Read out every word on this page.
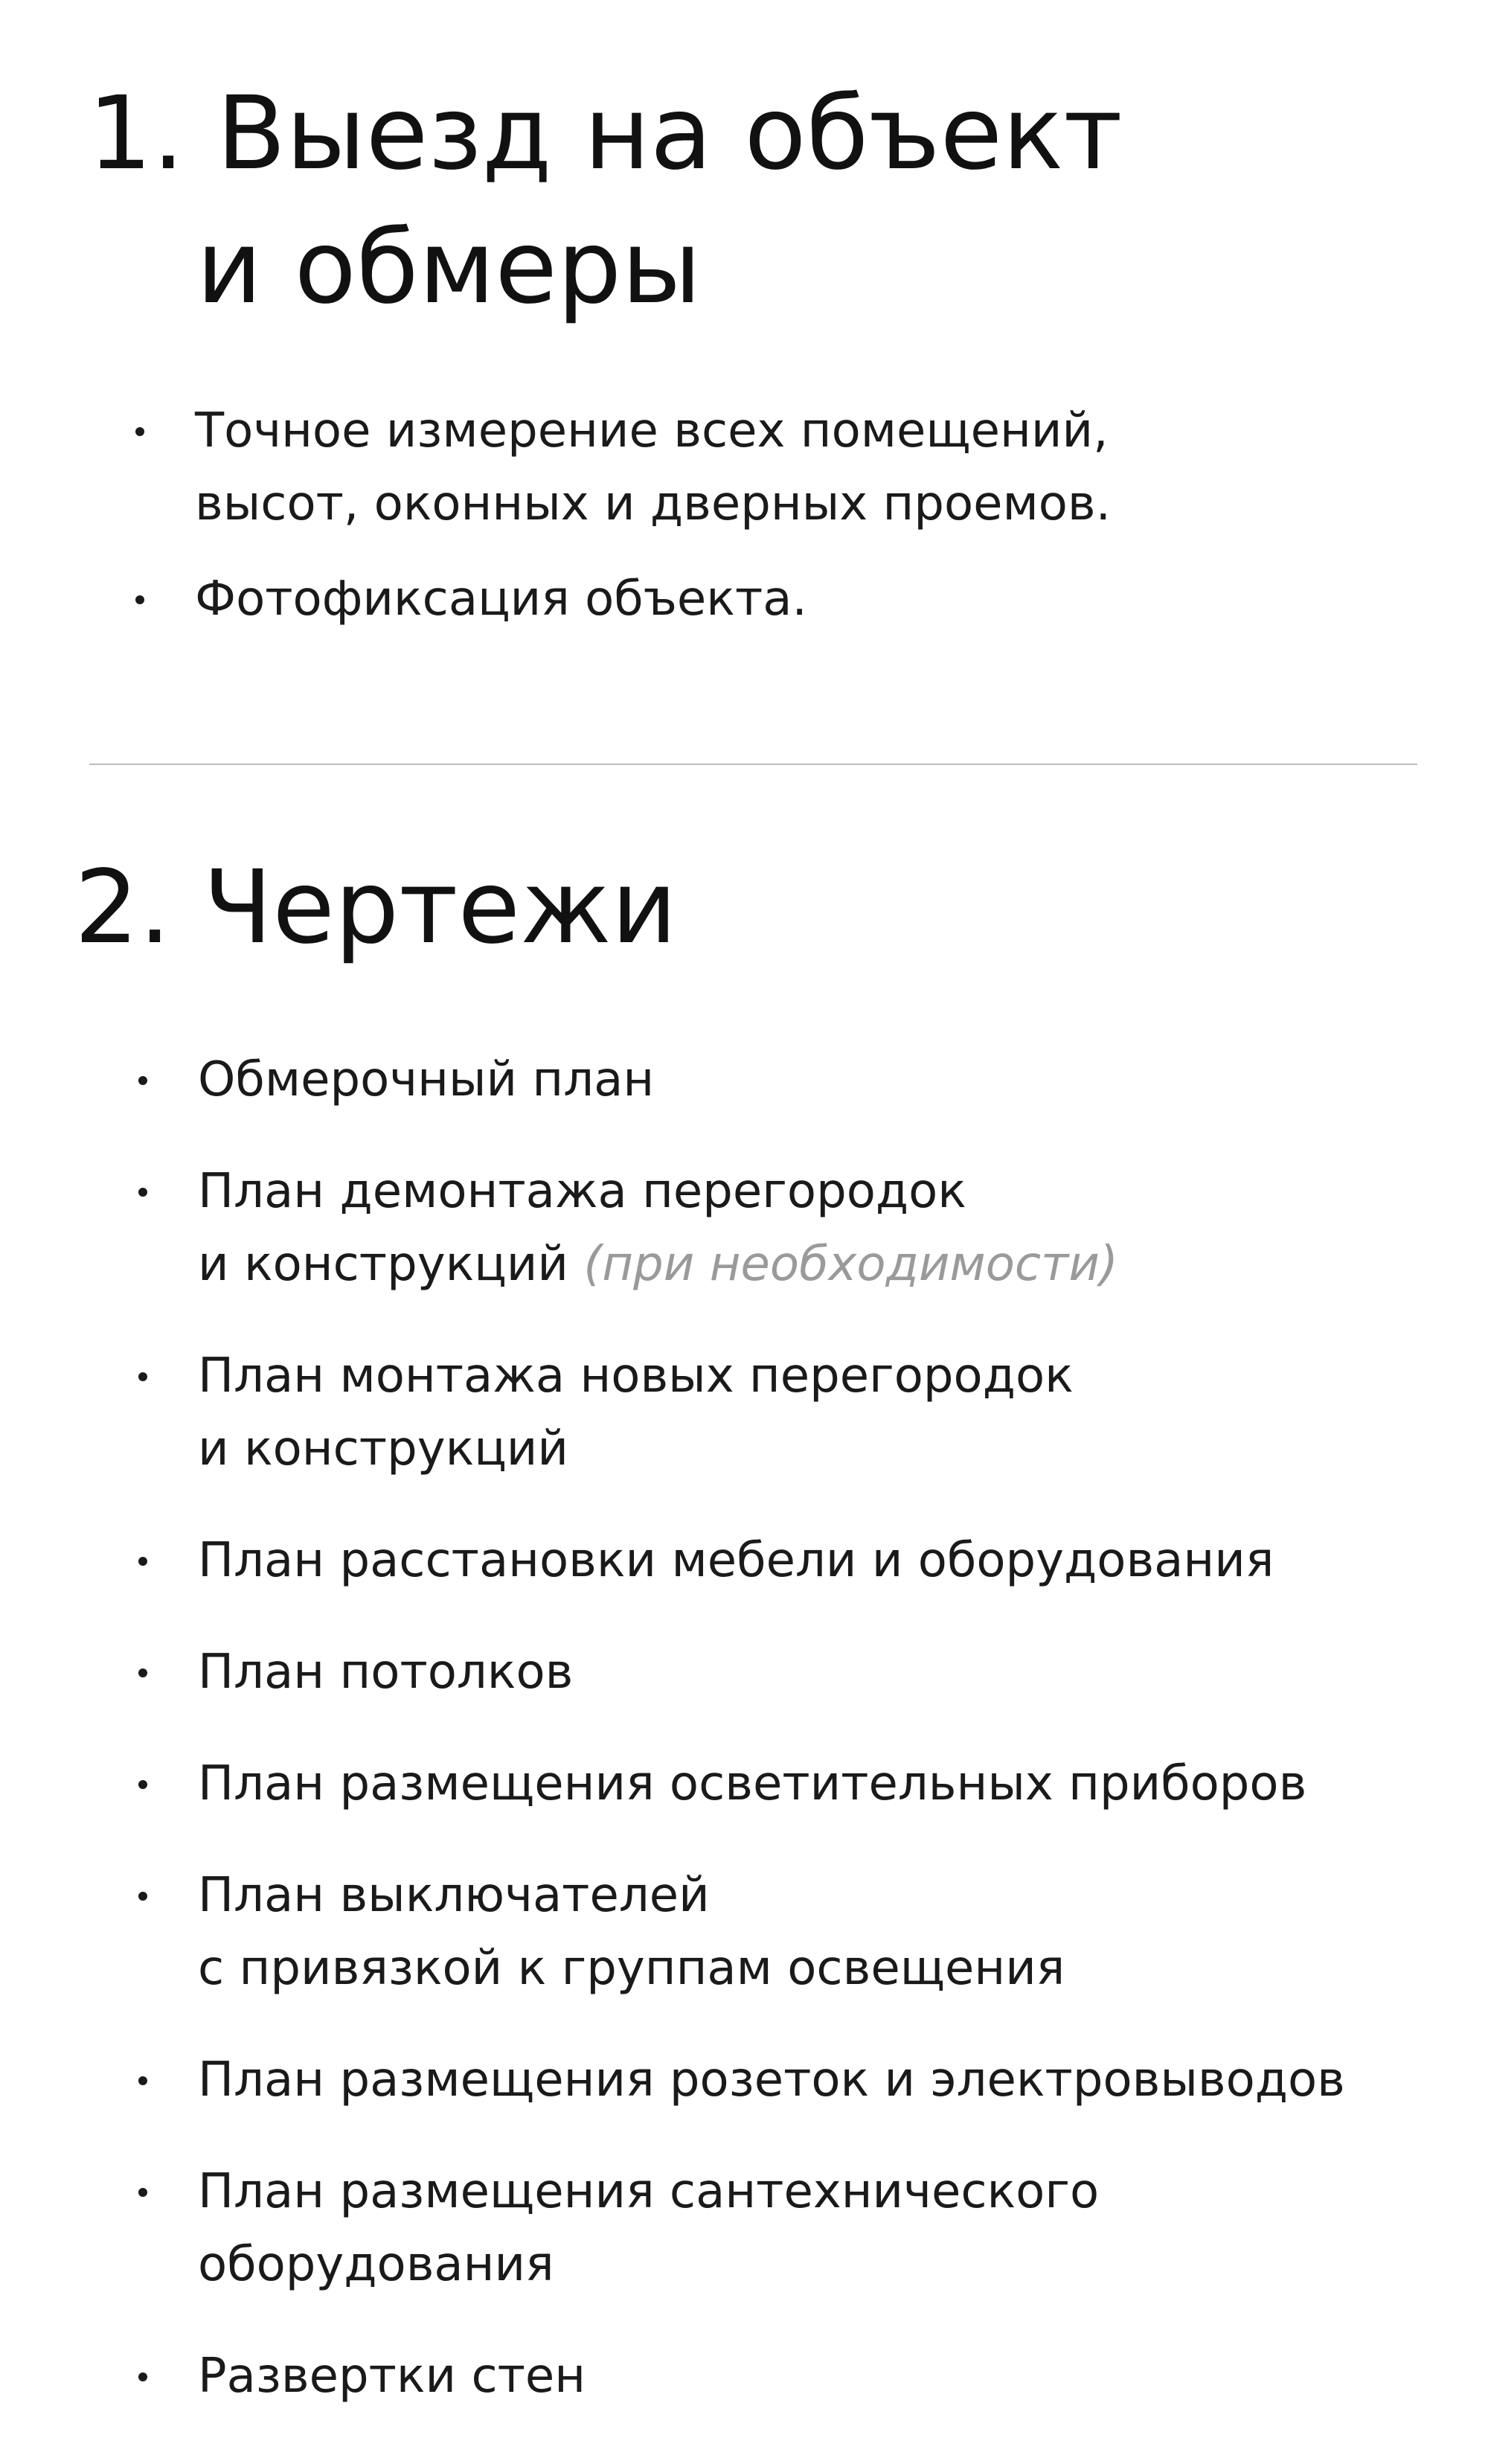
1. Выезд на объект
и обмеры
Точное измерение всех помещений,
высот, оконных и дверных проемов.
Фотофиксация объекта.
2. Чертежи
Обмерочный план
План демонтажа перегородок
и конструкций (при необходимости)
План монтажа новых перегородок
и конструкций
План расстановки мебели и оборудования
План потолков
План размещения осветительных приборов
План выключателей
с привязкой к группам освещения
План размещения розеток и электровыводов
План размещения сантехнического
оборудования
Развертки стен
